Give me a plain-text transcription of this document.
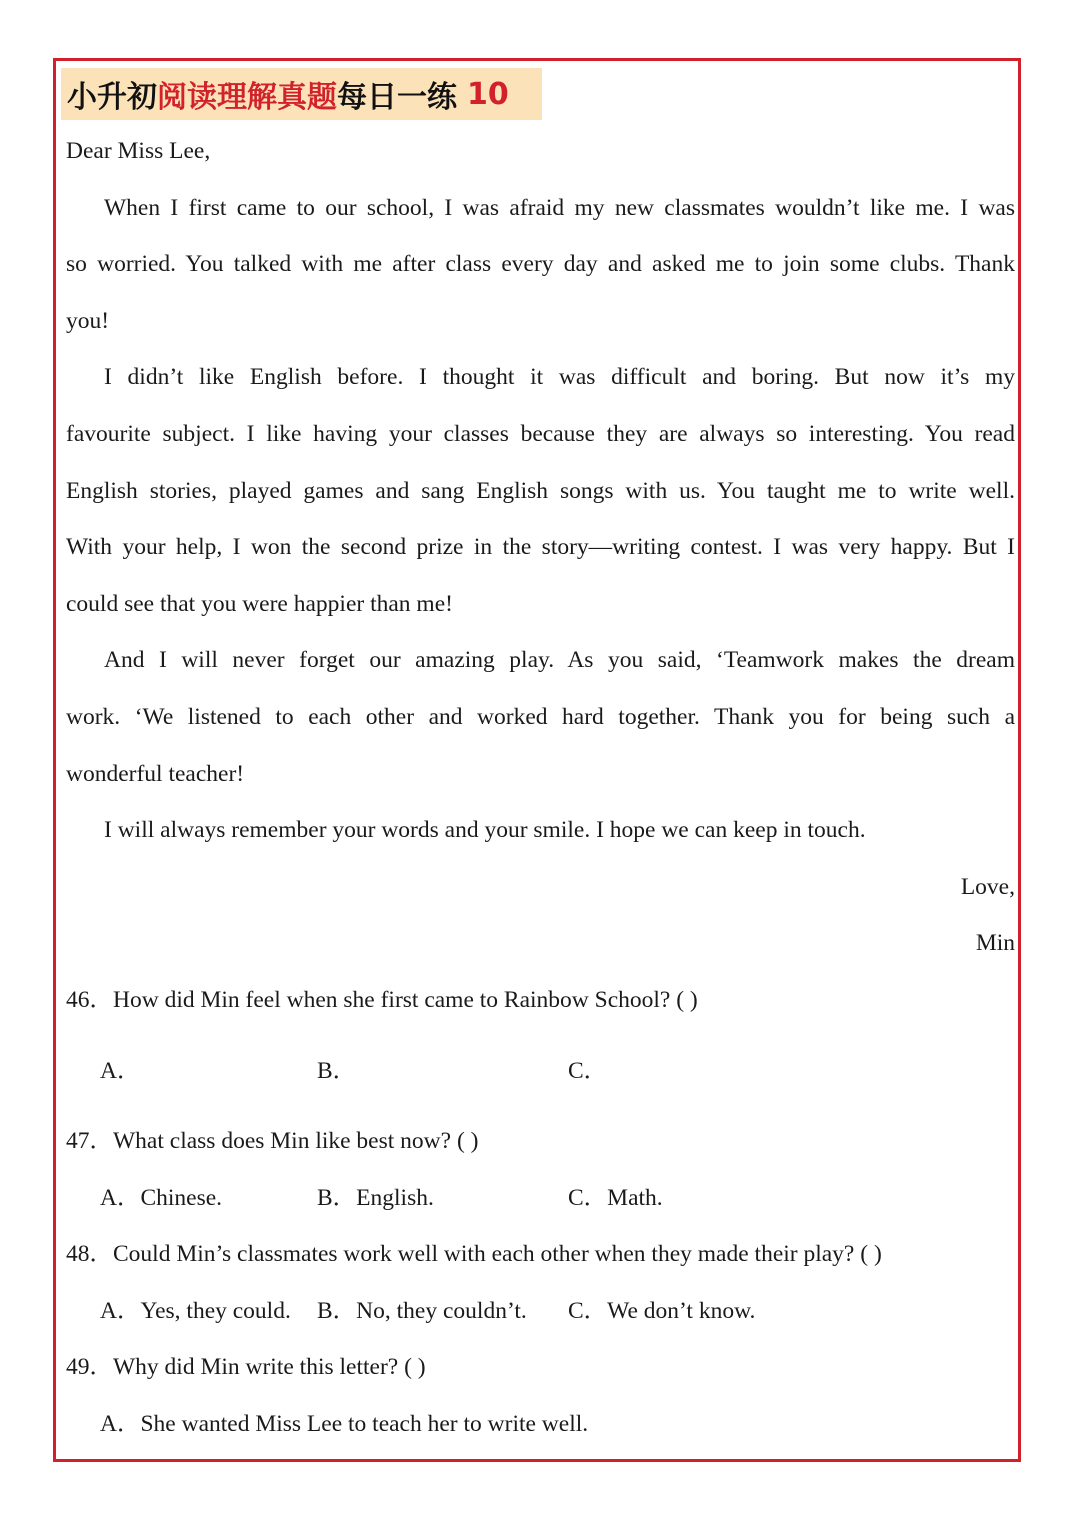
小升初 阅读理解真题 每日一练 10
Dear Miss Lee,
When I first came to our school, I was afraid my new classmates wouldn’t like me. I was
so worried. You talked with me after class every day and asked me to join some clubs. Thank
you!
I didn’t like English before. I thought it was difficult and boring. But now it’s my
favourite subject. I like having your classes because they are always so interesting. You read
English stories, played games and sang English songs with us. You taught me to write well.
With your help, I won the second prize in the story—writing contest. I was very happy. But I
could see that you were happier than me!
And I will never forget our amazing play. As you said, ‘Teamwork makes the dream
work. ‘We listened to each other and worked hard together. Thank you for being such a
wonderful teacher!
I will always remember your words and your smile. I hope we can keep in touch.
Love,
Min
46．How did Min feel when she first came to Rainbow School? ( )
A．	B．	C．
47．What class does Min like best now? ( )
A．Chinese.	B．English.	C．Math.
48．Could Min’s classmates work well with each other when they made their play? ( )
A．Yes, they could. B．No, they couldn’t. C．We don’t know.
49．Why did Min write this letter? ( )
A．She wanted Miss Lee to teach her to write well.
